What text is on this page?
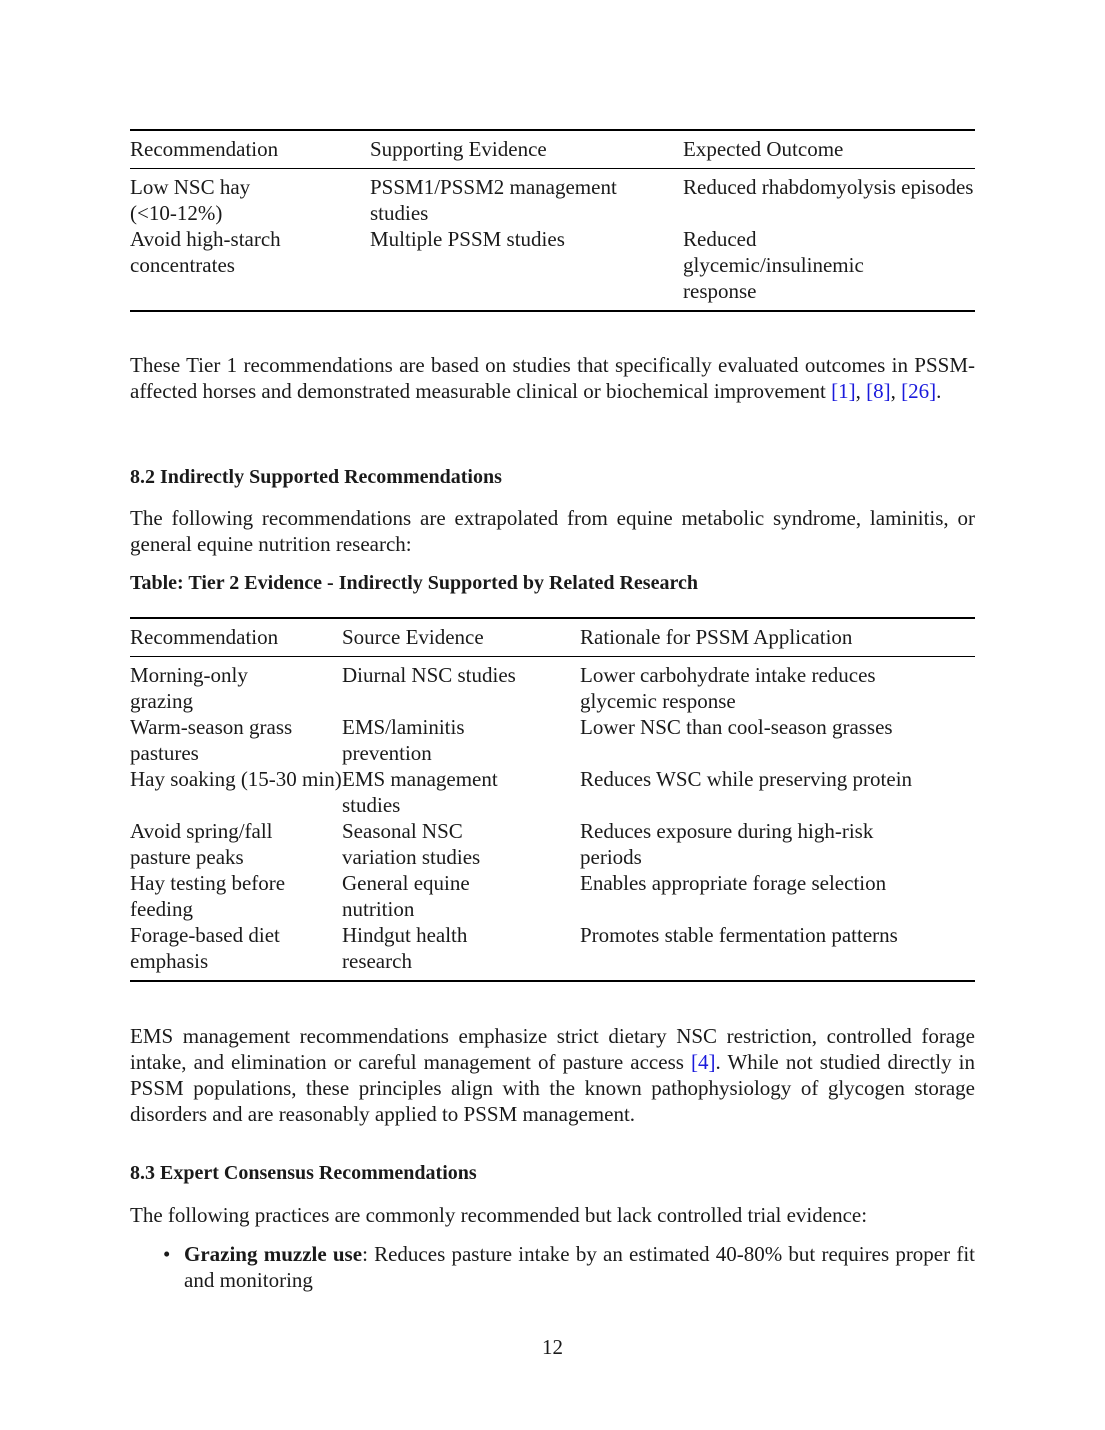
Recommendation	Supporting Evidence	Expected Outcome
Low NSC hay (<10-12%)	PSSM1/PSSM2 management studies	Reduced rhabdomyolysis episodes
Avoid high-starch concentrates	Multiple PSSM studies	Reduced glycemic/insulinemic response

These Tier 1 recommendations are based on studies that specifically evaluated outcomes in PSSM-affected horses and demonstrated measurable clinical or biochemical improvement [1], [8], [26].

8.2 Indirectly Supported Recommendations

The following recommendations are extrapolated from equine metabolic syndrome, laminitis, or general equine nutrition research:

Table: Tier 2 Evidence - Indirectly Supported by Related Research

Recommendation	Source Evidence	Rationale for PSSM Application
Morning-only grazing	Diurnal NSC studies	Lower carbohydrate intake reduces glycemic response
Warm-season grass pastures	EMS/laminitis prevention	Lower NSC than cool-season grasses
Hay soaking (15-30 min)	EMS management studies	Reduces WSC while preserving protein
Avoid spring/fall pasture peaks	Seasonal NSC variation studies	Reduces exposure during high-risk periods
Hay testing before feeding	General equine nutrition	Enables appropriate forage selection
Forage-based diet emphasis	Hindgut health research	Promotes stable fermentation patterns

EMS management recommendations emphasize strict dietary NSC restriction, controlled forage intake, and elimination or careful management of pasture access [4]. While not studied directly in PSSM populations, these principles align with the known pathophysiology of glycogen storage disorders and are reasonably applied to PSSM management.

8.3 Expert Consensus Recommendations

The following practices are commonly recommended but lack controlled trial evidence:

• Grazing muzzle use: Reduces pasture intake by an estimated 40-80% but requires proper fit and monitoring
12
